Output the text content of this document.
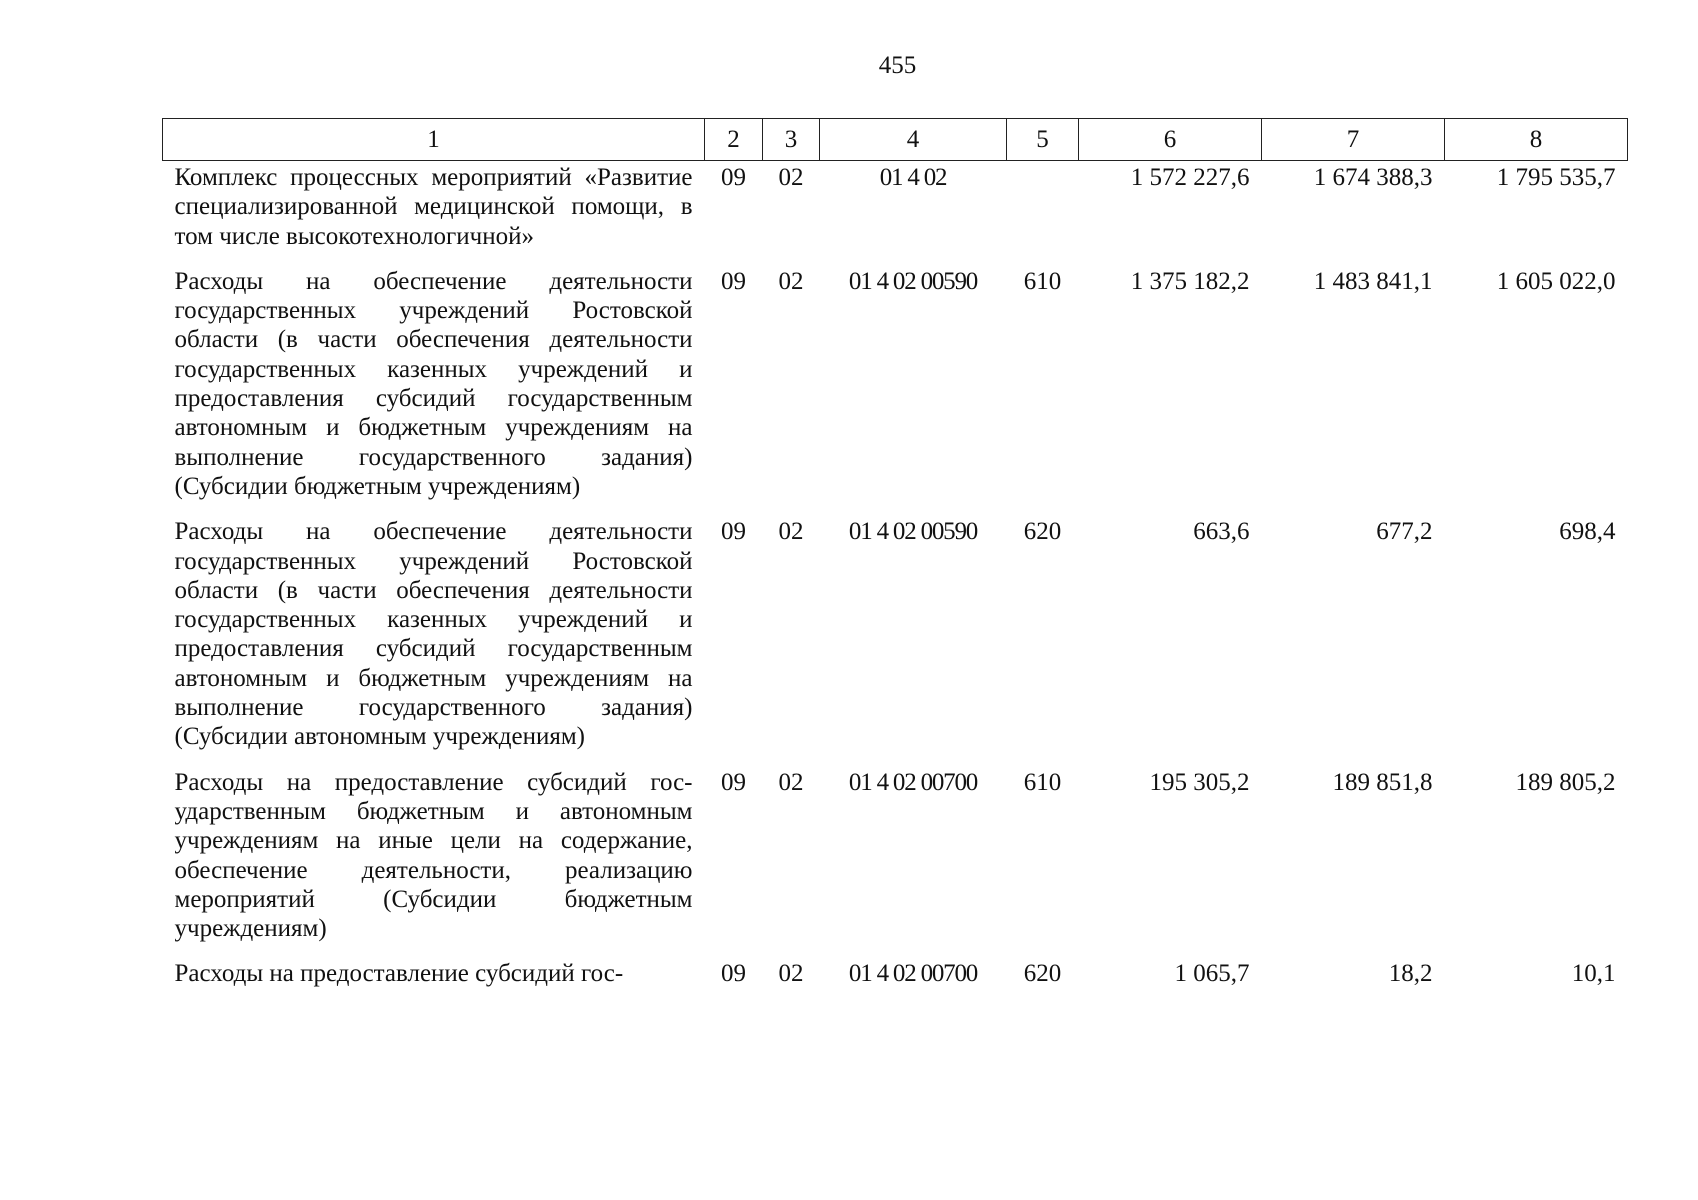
455
1	2	3	4	5	6	7	8
Комплекс процессных мероприятий «Развитие специализированной медицинской помощи, в том числе высокотехнологичной»	09	02	01 4 02		1 572 227,6	1 674 388,3	1 795 535,7
Расходы на обеспечение деятельности государственных учреждений Ростовской области (в части обеспечения деятельности государственных казенных учреждений и предоставления субсидий государственным автономным и бюджетным учреждениям на выполнение государственного задания) (Субсидии бюджетным учреждениям)	09	02	01 4 02 00590	610	1 375 182,2	1 483 841,1	1 605 022,0
Расходы на обеспечение деятельности государственных учреждений Ростовской области (в части обеспечения деятельности государственных казенных учреждений и предоставления субсидий государственным автономным и бюджетным учреждениям на выполнение государственного задания) (Субсидии автономным учреждениям)	09	02	01 4 02 00590	620	663,6	677,2	698,4
Расходы на предоставление субсидий государственным бюджетным и автономным учреждениям на иные цели на содержание, обеспечение деятельности, реализацию мероприятий (Субсидии бюджетным учреждениям)	09	02	01 4 02 00700	610	195 305,2	189 851,8	189 805,2
Расходы на предоставление субсидий гос-	09	02	01 4 02 00700	620	1 065,7	18,2	10,1
